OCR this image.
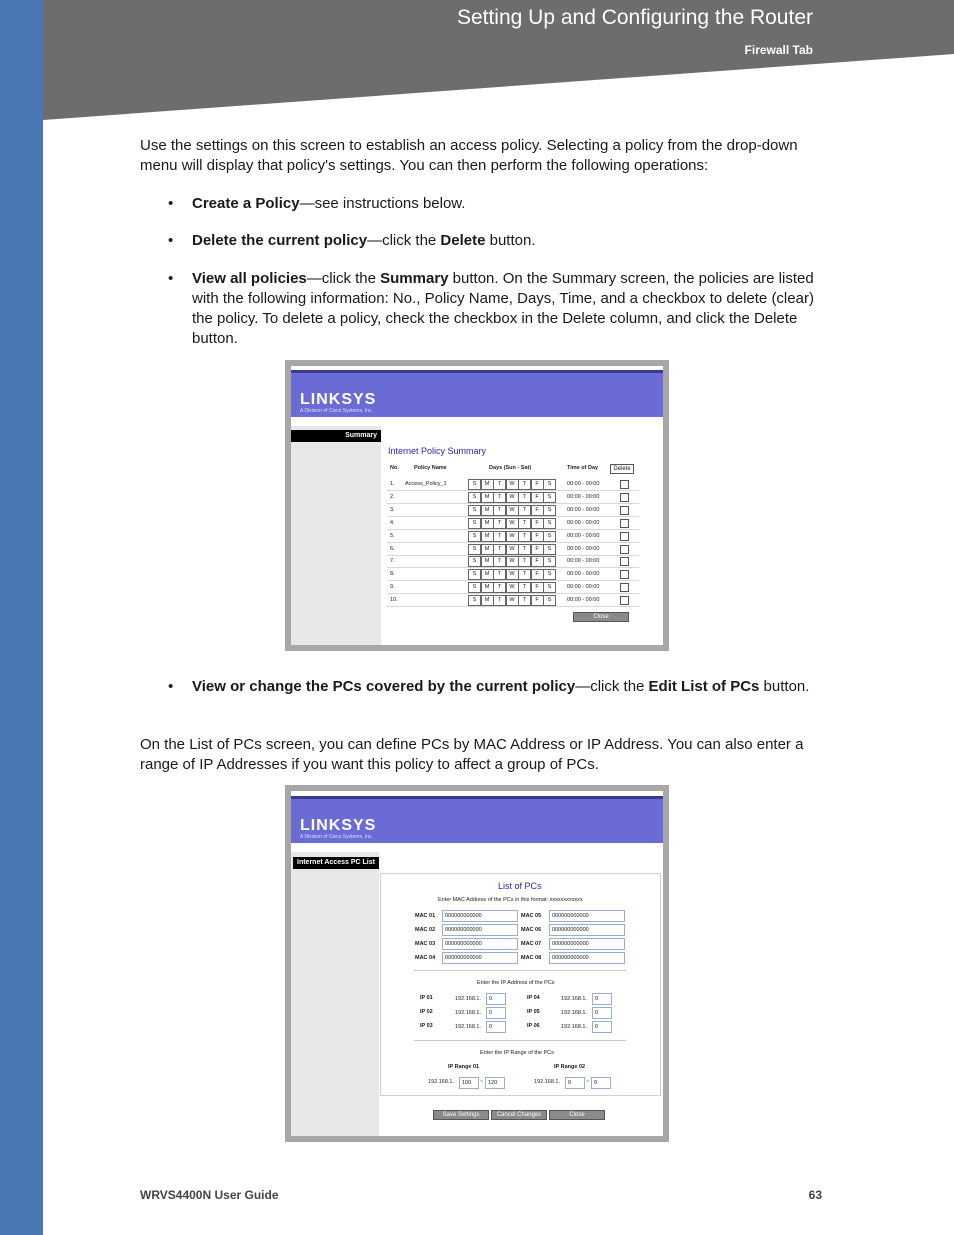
Setting Up and Configuring the Router
Firewall Tab
Use the settings on this screen to establish an access policy. Selecting a policy from the drop-down menu will display that policy's settings. You can then perform the following operations:
• Create a Policy—see instructions below.
• Delete the current policy—click the Delete button.
• View all policies—click the Summary button. On the Summary screen, the policies are listed with the following information: No., Policy Name, Days, Time, and a checkbox to delete (clear) the policy. To delete a policy, check the checkbox in the Delete column, and click the Delete button.
LINKSYS
A Division of Cisco Systems, Inc.
Summary
Internet Policy Summary
No.	Policy Name	Days (Sun - Sat)	Time of Day	Delete
1. Access_Policy_1	S	M	T	W	T	F	S	00:00 - 00:00
2.	S	M	T	W	T	F	S	00:00 - 00:00
3.	S	M	T	W	T	F	S	00:00 - 00:00
4.	S	M	T	W	T	F	S	00:00 - 00:00
5.	S	M	T	W	T	F	S	00:00 - 00:00
6.	S	M	T	W	T	F	S	00:00 - 00:00
7.	S	M	T	W	T	F	S	00:00 - 00:00
8.	S	M	T	W	T	F	S	00:00 - 00:00
9.	S	M	T	W	T	F	S	00:00 - 00:00
10.	S	M	T	W	T	F	S	00:00 - 00:00
Close
• View or change the PCs covered by the current policy—click the Edit List of PCs button.
On the List of PCs screen, you can define PCs by MAC Address or IP Address. You can also enter a range of IP Addresses if you want this policy to affect a group of PCs.
LINKSYS
A Division of Cisco Systems, Inc.
Internet Access PC List
List of PCs
Enter MAC Address of the PCs in this format: xxxxxxxxxxxx
MAC 01	000000000000	MAC 05	000000000000
MAC 02	000000000000	MAC 06	000000000000
MAC 03	000000000000	MAC 07	000000000000
MAC 04	000000000000	MAC 08	000000000000
Enter the IP Address of the PCs
IP 01	192.168.1.	0	IP 04	192.168.1.	0
IP 02	192.168.1.	0	IP 05	192.168.1.	0
IP 03	192.168.1.	0	IP 06	192.168.1.	0
Enter the IP Range of the PCs
IP Range 01	IP Range 02
192.168.1.	100	~ 120	192.168.1.	0	~ 0
Save Settings	Cancel Changes	Close
WRVS4400N User Guide	63
